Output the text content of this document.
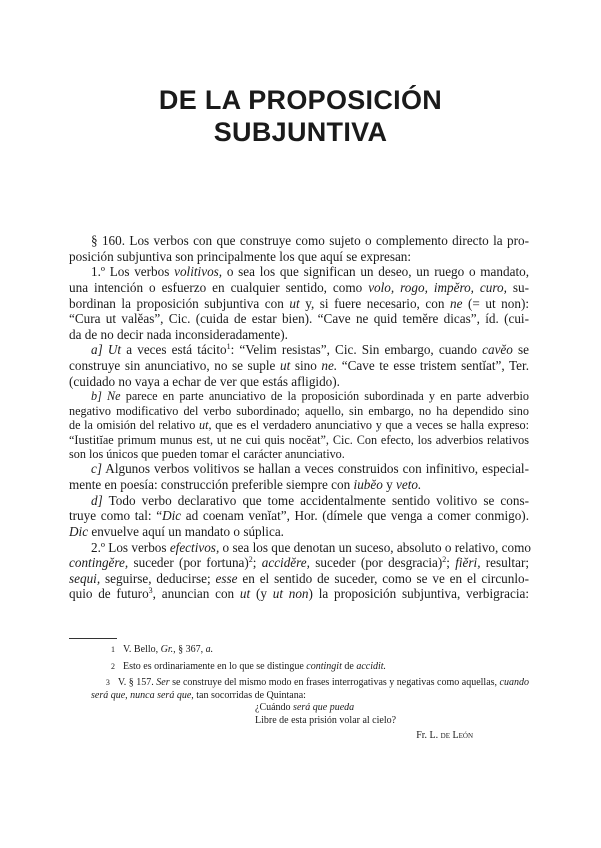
DE LA PROPOSICIÓN
SUBJUNTIVA
§ 160. Los verbos con que construye como sujeto o complemento directo la pro-
posición subjuntiva son principalmente los que aquí se expresan:
1.º Los verbos volitivos, o sea los que significan un deseo, un ruego o mandato,
una intención o esfuerzo en cualquier sentido, como volo, rogo, impĕro, curo, su-
bordinan la proposición subjuntiva con ut y, si fuere necesario, con ne (= ut non):
“Cura ut valĕas”, Cic. (cuida de estar bien). “Cave ne quid temĕre dicas”, íd. (cui-
da de no decir nada inconsideradamente).
a] Ut a veces está tácito$^1$: “Velim resistas”, Cic. Sin embargo, cuando cavĕo se
construye sin anunciativo, no se suple ut sino ne. “Cave te esse tristem sentĭat”, Ter.
(cuidado no vaya a echar de ver que estás afligido).
b] Ne parece en parte anunciativo de la proposición subordinada y en parte adverbio
negativo modificativo del verbo subordinado; aquello, sin embargo, no ha dependido sino
de la omisión del relativo ut, que es el verdadero anunciativo y que a veces se halla expreso:
“Iustitĭae primum munus est, ut ne cui quis nocĕat”, Cic. Con efecto, los adverbios relativos
son los únicos que pueden tomar el carácter anunciativo.
c] Algunos verbos volitivos se hallan a veces construidos con infinitivo, especial-
mente en poesía: construcción preferible siempre con iubĕo y veto.
d] Todo verbo declarativo que tome accidentalmente sentido volitivo se cons-
truye como tal: “Dic ad coenam venĭat”, Hor. (dímele que venga a comer conmigo).
Dic envuelve aquí un mandato o súplica.
2.º Los verbos efectivos, o sea los que denotan un suceso, absoluto o relativo, como
contingĕre, suceder (por fortuna)$^2$; accidĕre, suceder (por desgracia)$^2$; fiĕri, resultar;
sequi, seguirse, deducirse; esse en el sentido de suceder, como se ve en el circunlo-
quio de futuro$^3$, anuncian con ut (y ut non) la proposición subjuntiva, verbigracia:
1 V. Bello, Gr., § 367, a.
2 Esto es ordinariamente en lo que se distingue contingit de accidit.
3 V. § 157. Ser se construye del mismo modo en frases interrogativas y negativas como aquellas, cuando
será que, nunca será que, tan socorridas de Quintana:
¿Cuándo será que pueda
Libre de esta prisión volar al cielo?
Fr. L. de León
